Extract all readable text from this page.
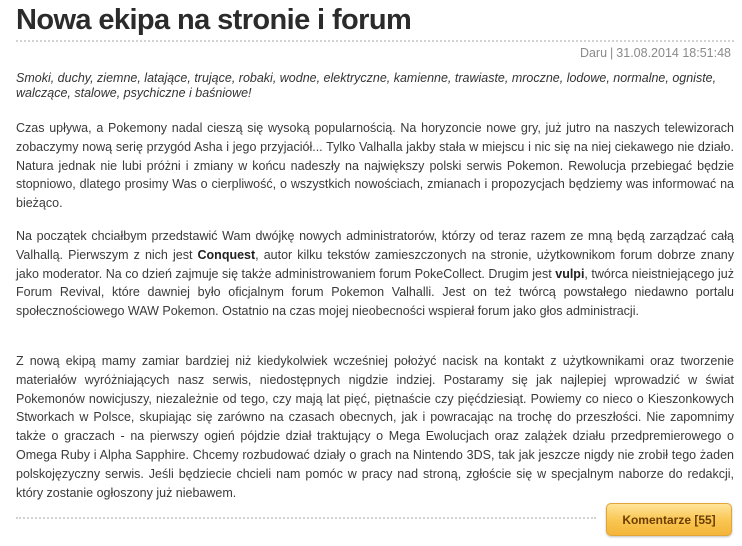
Nowa ekipa na stronie i forum
Daru | 31.08.2014 18:51:48

Smoki, duchy, ziemne, latające, trujące, robaki, wodne, elektryczne, kamienne, trawiaste, mroczne, lodowe, normalne, ogniste, walczące, stalowe, psychiczne i baśniowe!

Czas upływa, a Pokemony nadal cieszą się wysoką popularnością. Na horyzoncie nowe gry, już jutro na naszych telewizorach zobaczymy nową serię przygód Asha i jego przyjaciół... Tylko Valhalla jakby stała w miejscu i nic się na niej ciekawego nie działo. Natura jednak nie lubi próżni i zmiany w końcu nadeszły na największy polski serwis Pokemon. Rewolucja przebiegać będzie stopniowo, dlatego prosimy Was o cierpliwość, o wszystkich nowościach, zmianach i propozycjach będziemy was informować na bieżąco.

Na początek chciałbym przedstawić Wam dwójkę nowych administratorów, którzy od teraz razem ze mną będą zarządzać całą Valhallą. Pierwszym z nich jest Conquest, autor kilku tekstów zamieszczonych na stronie, użytkownikom forum dobrze znany jako moderator. Na co dzień zajmuje się także administrowaniem forum PokeCollect. Drugim jest vulpi, twórca nieistniejącego już Forum Revival, które dawniej było oficjalnym forum Pokemon Valhalli. Jest on też twórcą powstałego niedawno portalu społecznościowego WAW Pokemon. Ostatnio na czas mojej nieobecności wspierał forum jako głos administracji.

Z nową ekipą mamy zamiar bardziej niż kiedykolwiek wcześniej położyć nacisk na kontakt z użytkownikami oraz tworzenie materiałów wyróżniających nasz serwis, niedostępnych nigdzie indziej. Postaramy się jak najlepiej wprowadzić w świat Pokemonów nowicjuszy, niezależnie od tego, czy mają lat pięć, piętnaście czy pięćdziesiąt. Powiemy co nieco o Kieszonkowych Stworkach w Polsce, skupiając się zarówno na czasach obecnych, jak i powracając na trochę do przeszłości. Nie zapomnimy także o graczach - na pierwszy ogień pójdzie dział traktujący o Mega Ewolucjach oraz zalążek działu przedpremierowego o Omega Ruby i Alpha Sapphire. Chcemy rozbudować działy o grach na Nintendo 3DS, tak jak jeszcze nigdy nie zrobił tego żaden polskojęzyczny serwis. Jeśli będziecie chcieli nam pomóc w pracy nad stroną, zgłoście się w specjalnym naborze do redakcji, który zostanie ogłoszony już niebawem.

Komentarze [55]
